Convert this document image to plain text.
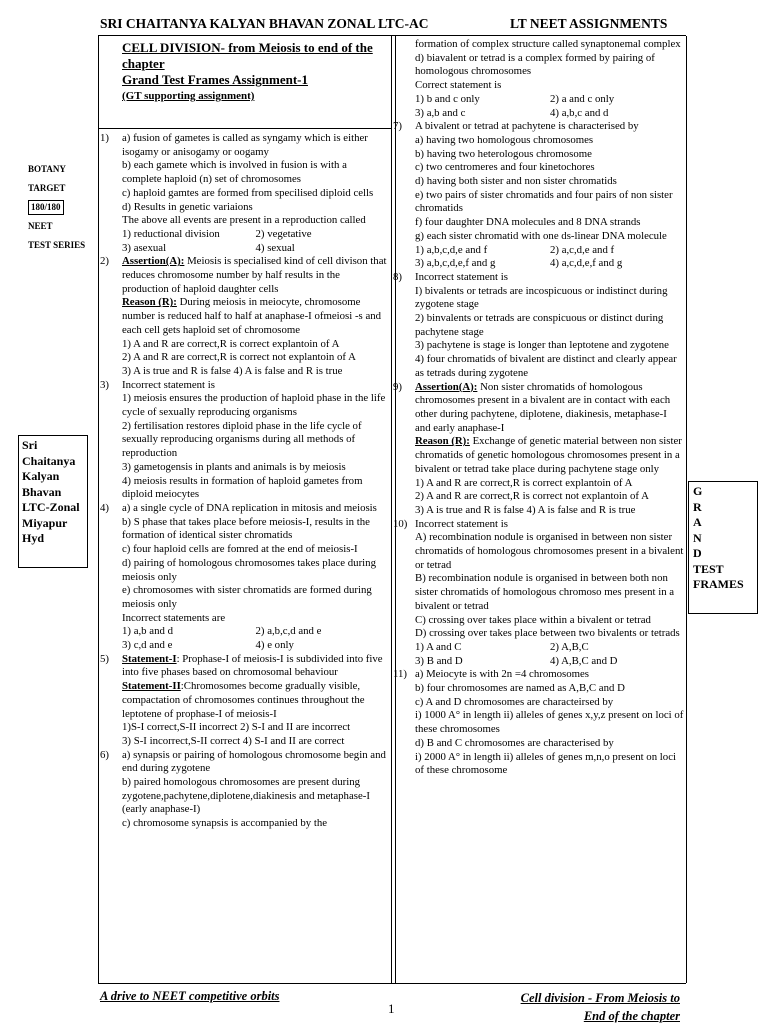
SRI CHAITANYA KALYAN BHAVAN ZONAL LTC-AC	LT NEET ASSIGNMENTS
CELL DIVISION- from Meiosis to end of the chapter
Grand Test Frames Assignment-1
(GT supporting assignment)
BOTANY
TARGET
180/180
NEET
TEST SERIES
Sri
Chaitanya
Kalyan
Bhavan
LTC-Zonal
Miyapur
Hyd
G
R
A
N
D
TEST
FRAMES
1) a) fusion of gametes is called as syngamy which is either isogamy or anisogamy or oogamy
b) each gamete which is involved in fusion is with a complete haploid (n) set of chromosomes
c) haploid gamtes are formed from specilised diploid cells
d) Results in genetic variaions
The above all events are present in a reproduction called
1) reductional division	2) vegetative
3) asexual	4) sexual
2) Assertion(A): Meiosis is specialised kind of cell divison that reduces chromosome number by half results in the production of haploid daughter cells
Reason (R): During meiosis in meiocyte, chromosome number is reduced half to half at anaphase-I ofmeiosi -s and each cell gets haploid set of chromosome
1) A and R are correct,R is correct explantoin of A
2) A and R are correct,R is correct not explantoin of A
3) A is true and R is false 4) A is false and R is true
3) Incorrect statement is
1) meiosis ensures the production of haploid phase in the life cycle of sexually reproducing organisms
2) fertilisation restores diploid phase in the life cycle of sexually reproducing organisms during all methods of reproduction
3) gametogensis in plants and animals is by meiosis
4) meiosis results in formation of haploid gametes from diploid meiocytes
4) a) a single cycle of DNA replication in mitosis and meiosis
b) S phase that takes place before meiosis-I, results in the formation of identical sister chromatids
c) four haploid cells are fomred at the end of meiosis-I
d) pairing of homologous chromosomes takes place during meiosis only
e) chromosomes with sister chromatids are formed during meiosis only
Incorrect statements are
1) a,b and d	2) a,b,c,d and e
3) c,d and e	4) e only
5) Statement-I: Prophase-I of meiosis-I is subdivided into five into five phases based on chromosomal behaviour
Statement-II:Chromosomes become gradually visible, compactation of chromosomes continues throughout the leptotene of prophase-I of meiosis-I
1)S-I correct,S-II incorrect 2) S-I and II are incorrect
3) S-I incorrect,S-II correct 4) S-I and II are correct
6) a) synapsis or pairing of homologous chromosome begin and end during zygotene
b) paired homologous chromosomes are present during zygotene,pachytene,diplotene,diakinesis and metaphase-I (early anaphase-I)
c) chromosome synapsis is accompanied by the
formation of complex structure called synaptonemal complex
d) biavalent or tetrad is a complex formed by pairing of homologous chromosomes
Correct statement is
1) b and c only	2) a and c only
3) a,b and c	4) a,b,c and d
7) A bivalent or tetrad at pachytene is characterised by
a) having two homologous chromosomes
b) having two heterologous chromosome
c) two centromeres and four kinetochores
d) having both sister and non sister chromatids
e) two pairs of sister chromatids and four pairs of non sister chromatids
f) four daughter DNA molecules and 8 DNA strands
g) each sister chromatid with one ds-linear DNA molecule
1) a,b,c,d,e and f	2) a,c,d,e and f
3) a,b,c,d,e,f and g	4) a,c,d,e,f and g
8) Incorrect statement is
I) bivalents or tetrads are incospicuous or indistinct during zygotene stage
2) binvalents or tetrads are conspicuous or distinct during pachytene stage
3) pachytene is stage is longer than leptotene and zygotene
4) four chromatids of bivalent are distinct and clearly appear as tetrads during zygotene
9) Assertion(A): Non sister chromatids of homologous chromosomes present in a bivalent are in contact with each other during pachytene, diplotene, diakinesis, metaphase-I and early anaphase-I
Reason (R): Exchange of genetic material between non sister chromatids of genetic homologous chromosomes present in a bivalent or tetrad take place during pachytene stage only
1) A and R are correct,R is correct explantoin of A
2) A and R are correct,R is correct not explantoin of A
3) A is true and R is false 4) A is false and R is true
10) Incorrect statement is
A) recombination nodule is organised in between non sister chromatids of homologous chromosomes present in a bivalent or tetrad
B) recombination nodule is organised in between both non sister chromatids of homologous chromoso mes present in a bivalent or tetrad
C) crossing over takes place within a bivalent or tetrad
D) crossing over takes place between two bivalents or tetrads
1) A and C	2) A,B,C
3) B and D	4) A,B,C and D
11) a) Meiocyte is with 2n =4 chromosomes
b) four chromosomes are named as A,B,C and D
c) A and D chromosomes are characteirsed by
i) 1000 A° in length ii) alleles of genes x,y,z present on loci of these chromosomes
d) B and C chromosomes are characterised by
i) 2000 A° in length ii) alleles of genes m,n,o present on loci of these chromosome
A drive to NEET competitive orbits
1
Cell division - From Meiosis to
End of the chapter
